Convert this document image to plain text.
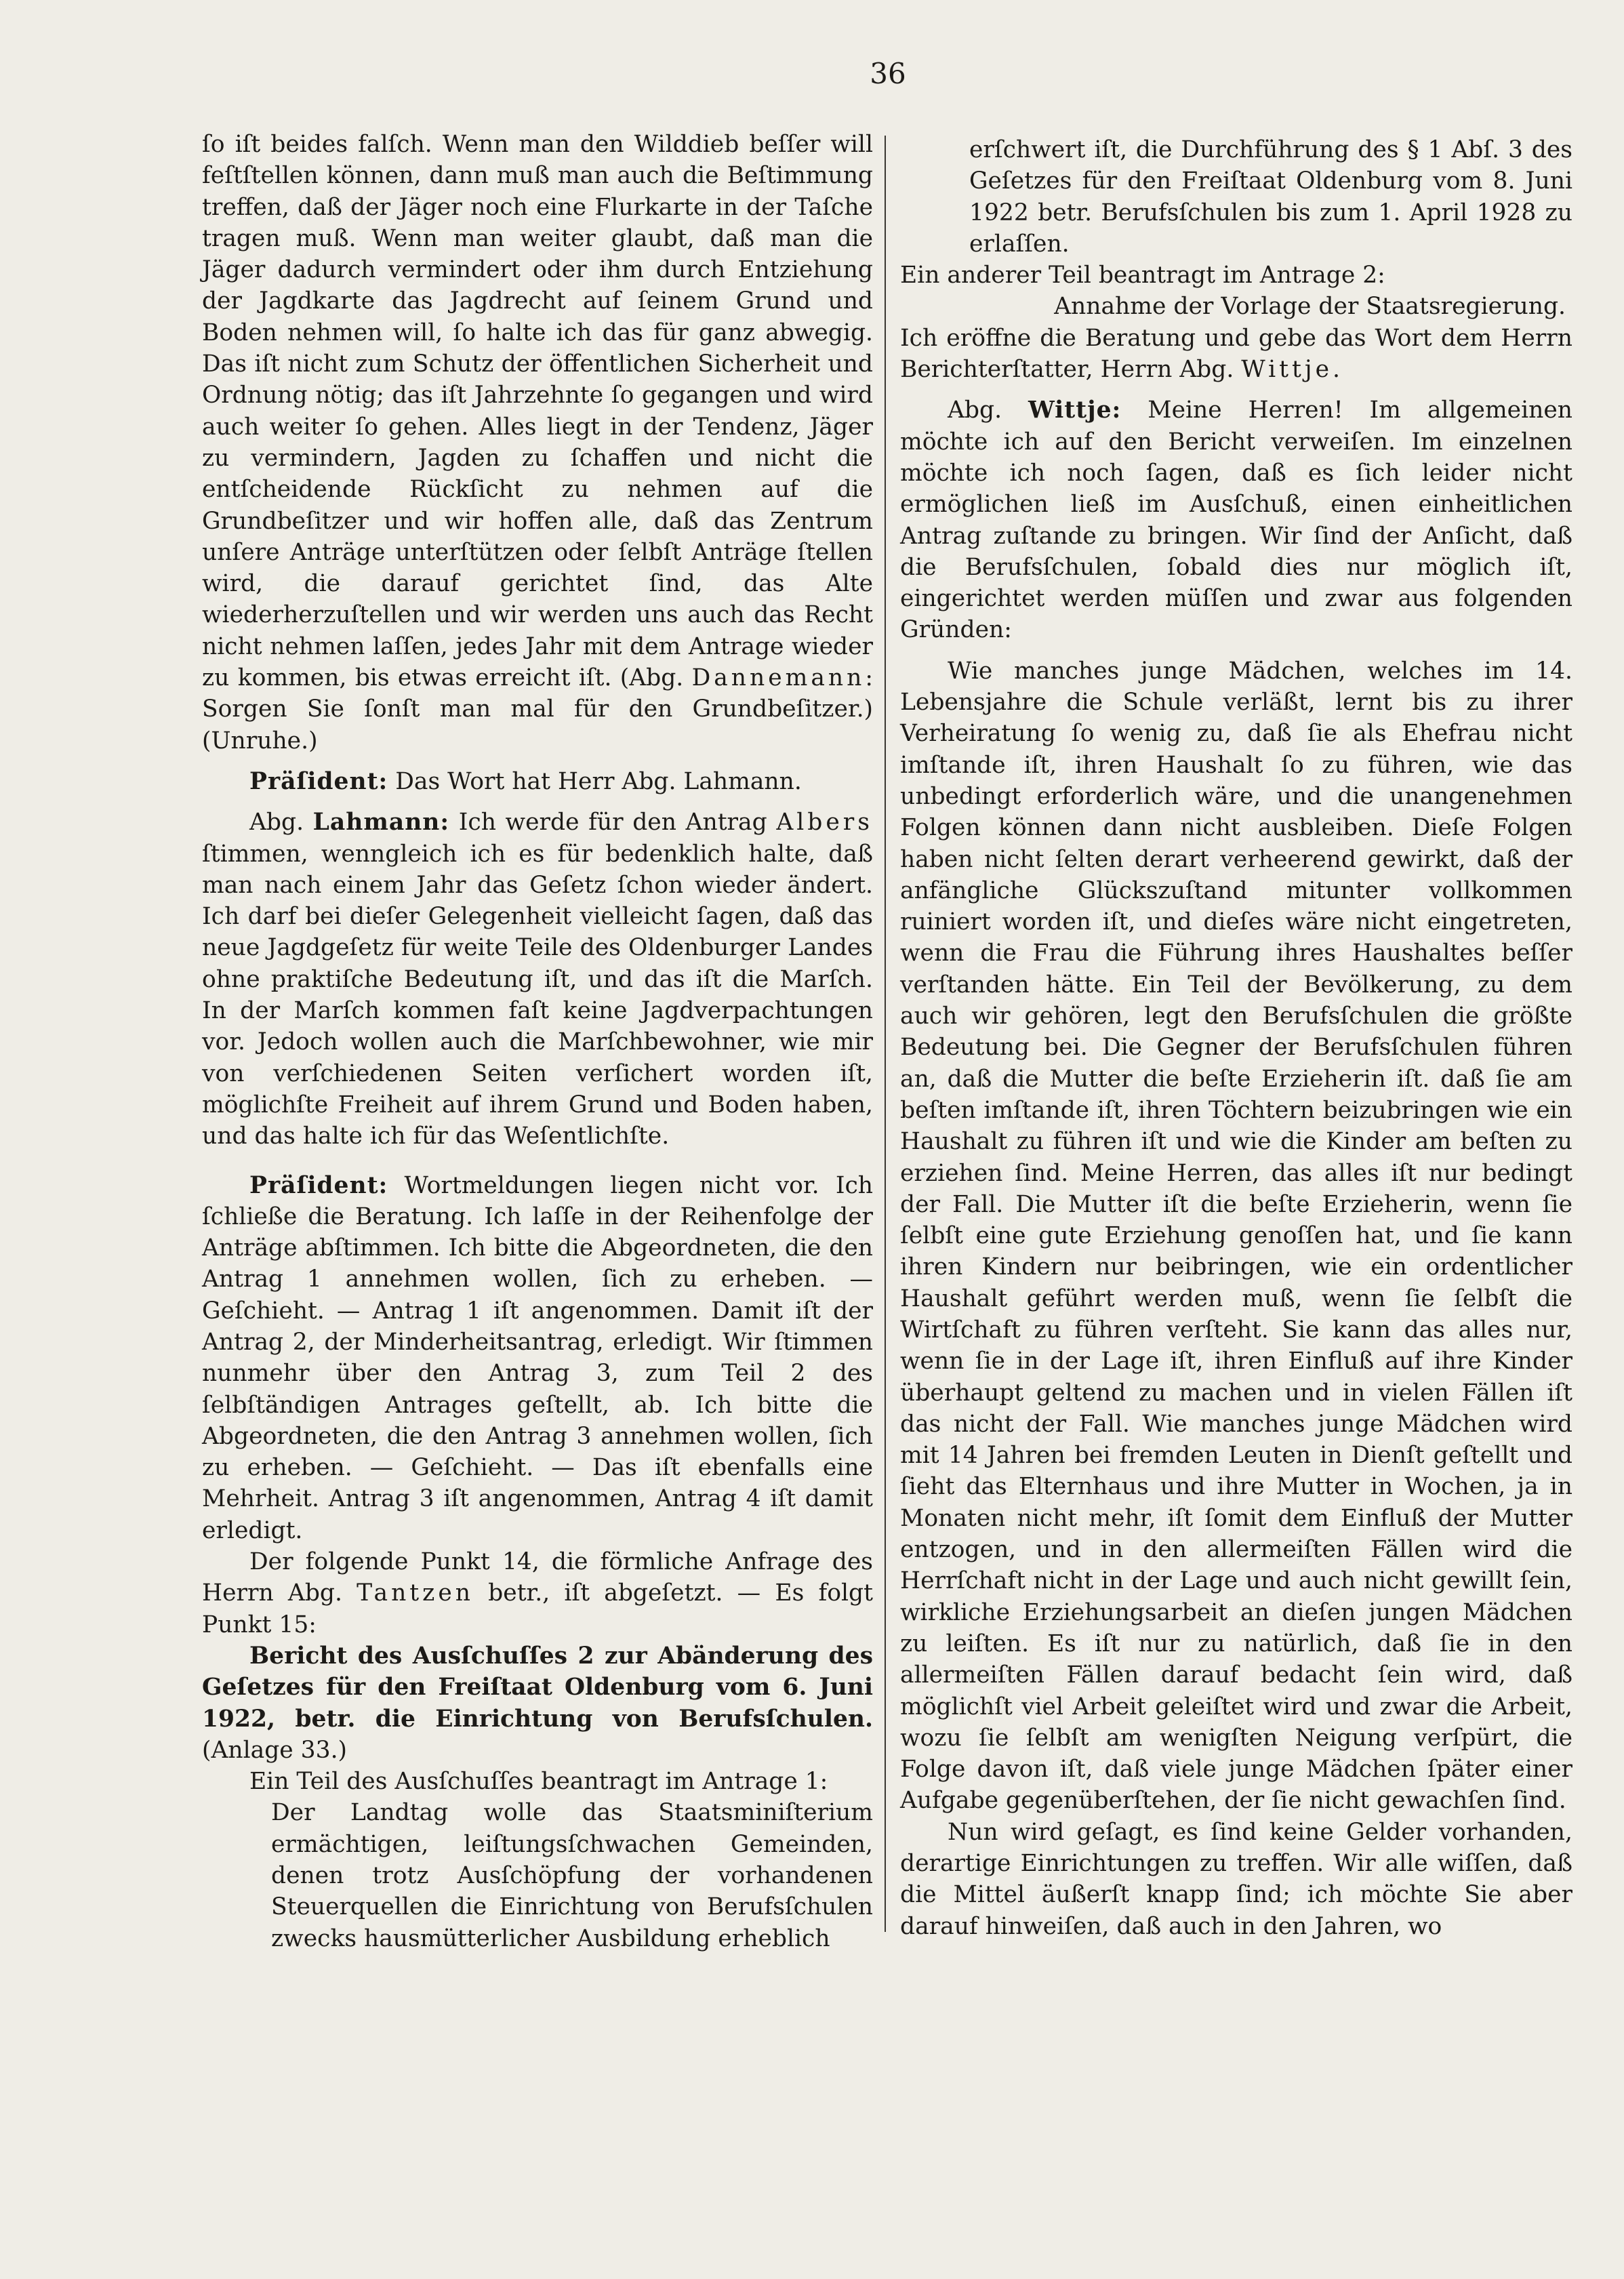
36

ſo iſt beides falſch. Wenn man den Wilddieb beſſer will feſtſtellen können, dann muß man auch die Beſtimmung treffen, daß der Jäger noch eine Flurkarte in der Taſche tragen muß. Wenn man weiter glaubt, daß man die Jäger dadurch vermindert oder ihm durch Entziehung der Jagdkarte das Jagdrecht auf ſeinem Grund und Boden nehmen will, ſo halte ich das für ganz abwegig. Das iſt nicht zum Schutz der öffentlichen Sicherheit und Ordnung nötig; das iſt Jahrzehnte ſo gegangen und wird auch weiter ſo gehen. Alles liegt in der Tendenz, Jäger zu vermindern, Jagden zu ſchaffen und nicht die entſcheidende Rückſicht zu nehmen auf die Grundbeſitzer und wir hoffen alle, daß das Zentrum unſere Anträge unterſtützen oder ſelbſt Anträge ſtellen wird, die darauf gerichtet ſind, das Alte wiederherzuſtellen und wir werden uns auch das Recht nicht nehmen laſſen, jedes Jahr mit dem Antrage wieder zu kommen, bis etwas erreicht iſt. (Abg. Dannemann: Sorgen Sie ſonſt man mal für den Grundbeſitzer.) (Unruhe.)

Präſident: Das Wort hat Herr Abg. Lahmann.

Abg. Lahmann: Ich werde für den Antrag Albers ſtimmen, wenngleich ich es für bedenklich halte, daß man nach einem Jahr das Geſetz ſchon wieder ändert. Ich darf bei dieſer Gelegenheit vielleicht ſagen, daß das neue Jagdgeſetz für weite Teile des Oldenburger Landes ohne praktiſche Bedeutung iſt, und das iſt die Marſch. In der Marſch kommen faſt keine Jagdverpachtungen vor. Jedoch wollen auch die Marſchbewohner, wie mir von verſchiedenen Seiten verſichert worden iſt, möglichſte Freiheit auf ihrem Grund und Boden haben, und das halte ich für das Weſentlichſte.

Präſident: Wortmeldungen liegen nicht vor. Ich ſchließe die Beratung. Ich laſſe in der Reihenfolge der Anträge abſtimmen. Ich bitte die Abgeordneten, die den Antrag 1 annehmen wollen, ſich zu erheben. — Geſchieht. — Antrag 1 iſt angenommen. Damit iſt der Antrag 2, der Minderheitsantrag, erledigt. Wir ſtimmen nunmehr über den Antrag 3, zum Teil 2 des ſelbſtändigen Antrages geſtellt, ab. Ich bitte die Abgeordneten, die den Antrag 3 annehmen wollen, ſich zu erheben. — Geſchieht. — Das iſt ebenfalls eine Mehrheit. Antrag 3 iſt angenommen, Antrag 4 iſt damit erledigt.

Der folgende Punkt 14, die förmliche Anfrage des Herrn Abg. Tantzen betr., iſt abgeſetzt. — Es folgt Punkt 15:

Bericht des Ausſchuſſes 2 zur Abänderung des Geſetzes für den Freiſtaat Oldenburg vom 6. Juni 1922, betr. die Einrichtung von Berufsſchulen. (Anlage 33.)

Ein Teil des Ausſchuſſes beantragt im Antrage 1:

Der Landtag wolle das Staatsminiſterium ermächtigen, leiſtungsſchwachen Gemeinden, denen trotz Ausſchöpfung der vorhandenen Steuerquellen die Einrichtung von Berufsſchulen zwecks hausmütterlicher Ausbildung erheblich

erſchwert iſt, die Durchführung des § 1 Abſ. 3 des Geſetzes für den Freiſtaat Oldenburg vom 8. Juni 1922 betr. Berufsſchulen bis zum 1. April 1928 zu erlaſſen.

Ein anderer Teil beantragt im Antrage 2:

Annahme der Vorlage der Staatsregierung.

Ich eröffne die Beratung und gebe das Wort dem Herrn Berichterſtatter, Herrn Abg. Wittje.

Abg. Wittje: Meine Herren! Im allgemeinen möchte ich auf den Bericht verweiſen. Im einzelnen möchte ich noch ſagen, daß es ſich leider nicht ermöglichen ließ im Ausſchuß, einen einheitlichen Antrag zuſtande zu bringen. Wir ſind der Anſicht, daß die Berufsſchulen, ſobald dies nur möglich iſt, eingerichtet werden müſſen und zwar aus folgenden Gründen:

Wie manches junge Mädchen, welches im 14. Lebensjahre die Schule verläßt, lernt bis zu ihrer Verheiratung ſo wenig zu, daß ſie als Ehefrau nicht imſtande iſt, ihren Haushalt ſo zu führen, wie das unbedingt erforderlich wäre, und die unangenehmen Folgen können dann nicht ausbleiben. Dieſe Folgen haben nicht ſelten derart verheerend gewirkt, daß der anfängliche Glückszuſtand mitunter vollkommen ruiniert worden iſt, und dieſes wäre nicht eingetreten, wenn die Frau die Führung ihres Haushaltes beſſer verſtanden hätte. Ein Teil der Bevölkerung, zu dem auch wir gehören, legt den Berufsſchulen die größte Bedeutung bei. Die Gegner der Berufsſchulen führen an, daß die Mutter die beſte Erzieherin iſt. daß ſie am beſten imſtande iſt, ihren Töchtern beizubringen wie ein Haushalt zu führen iſt und wie die Kinder am beſten zu erziehen ſind. Meine Herren, das alles iſt nur bedingt der Fall. Die Mutter iſt die beſte Erzieherin, wenn ſie ſelbſt eine gute Erziehung genoſſen hat, und ſie kann ihren Kindern nur beibringen, wie ein ordentlicher Haushalt geführt werden muß, wenn ſie ſelbſt die Wirtſchaft zu führen verſteht. Sie kann das alles nur, wenn ſie in der Lage iſt, ihren Einfluß auf ihre Kinder überhaupt geltend zu machen und in vielen Fällen iſt das nicht der Fall. Wie manches junge Mädchen wird mit 14 Jahren bei fremden Leuten in Dienſt geſtellt und ſieht das Elternhaus und ihre Mutter in Wochen, ja in Monaten nicht mehr, iſt ſomit dem Einfluß der Mutter entzogen, und in den allermeiſten Fällen wird die Herrſchaft nicht in der Lage und auch nicht gewillt ſein, wirkliche Erziehungsarbeit an dieſen jungen Mädchen zu leiſten. Es iſt nur zu natürlich, daß ſie in den allermeiſten Fällen darauf bedacht ſein wird, daß möglichſt viel Arbeit geleiſtet wird und zwar die Arbeit, wozu ſie ſelbſt am wenigſten Neigung verſpürt, die Folge davon iſt, daß viele junge Mädchen ſpäter einer Aufgabe gegenüberſtehen, der ſie nicht gewachſen ſind.

Nun wird geſagt, es ſind keine Gelder vorhanden, derartige Einrichtungen zu treffen. Wir alle wiſſen, daß die Mittel äußerſt knapp ſind; ich möchte Sie aber darauf hinweiſen, daß auch in den Jahren, wo
